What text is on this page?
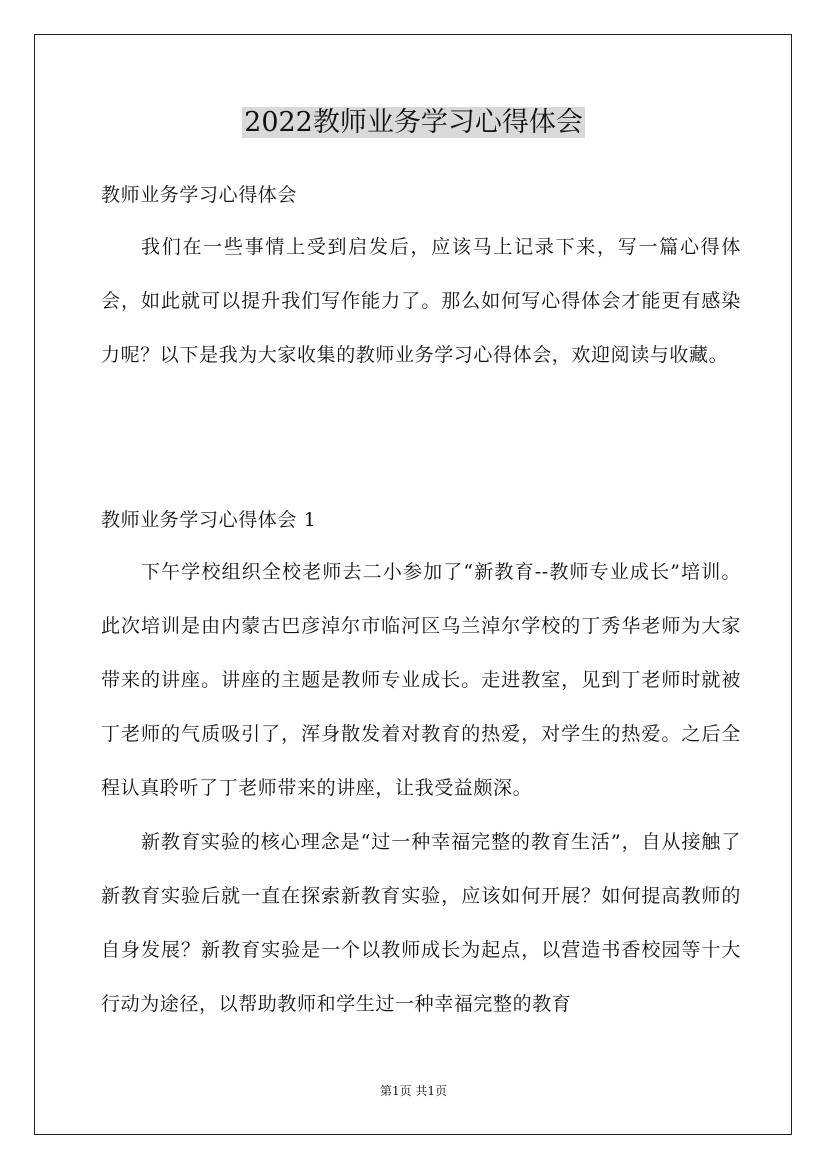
2022教师业务学习心得体会

教师业务学习心得体会

我们在一些事情上受到启发后，应该马上记录下来，写一篇心得体会，如此就可以提升我们写作能力了。那么如何写心得体会才能更有感染力呢？以下是我为大家收集的教师业务学习心得体会，欢迎阅读与收藏。

教师业务学习心得体会 1

下午学校组织全校老师去二小参加了“新教育--教师专业成长”培训。此次培训是由内蒙古巴彦淖尔市临河区乌兰淖尔学校的丁秀华老师为大家带来的讲座。讲座的主题是教师专业成长。走进教室，见到丁老师时就被丁老师的气质吸引了，浑身散发着对教育的热爱，对学生的热爱。之后全程认真聆听了丁老师带来的讲座，让我受益颇深。

新教育实验的核心理念是“过一种幸福完整的教育生活”，自从接触了新教育实验后就一直在探索新教育实验，应该如何开展？如何提高教师的自身发展？新教育实验是一个以教师成长为起点，以营造书香校园等十大行动为途径，以帮助教师和学生过一种幸福完整的教育

第1页 共1页
